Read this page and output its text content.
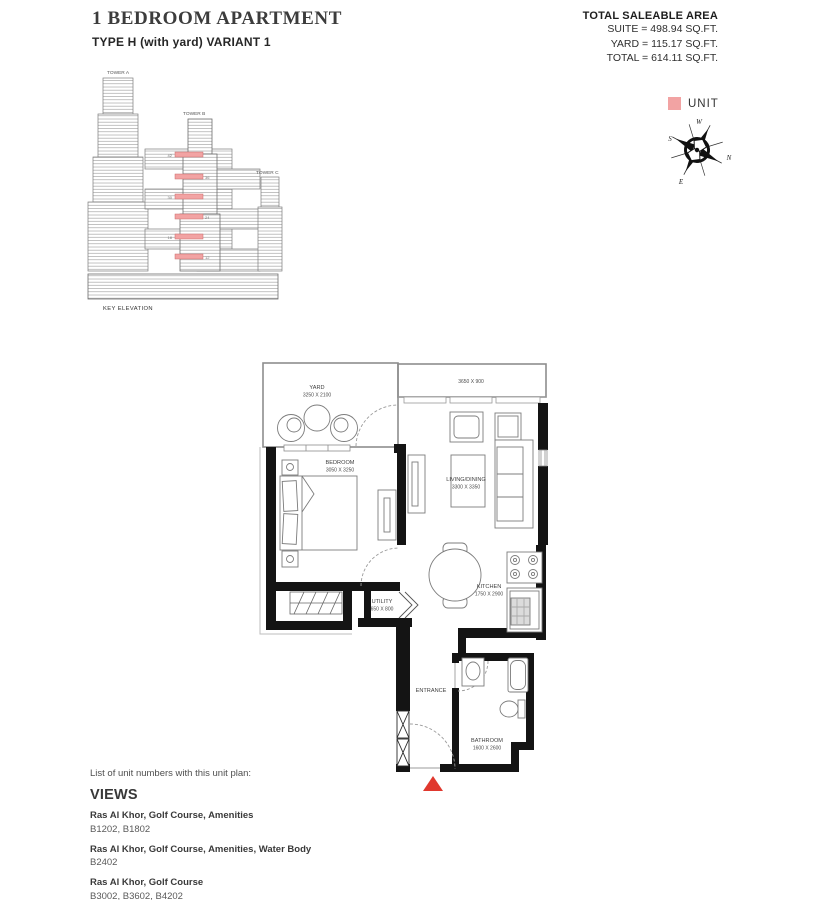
1 BEDROOM APARTMENT
TYPE H (with yard) VARIANT 1
TOTAL SALEABLE AREA
SUITE = 498.94 SQ.FT.
YARD = 115.17 SQ.FT.
TOTAL = 614.11 SQ.FT.
UNIT
W
S
N
E
42
36
30
24
18
12
TOWER A
TOWER B
TOWER C
KEY ELEVATION
YARD
3250 X 2100
3650 X 900
BEDROOM
3050 X 3250
LIVING/DINING
3300 X 3350
KITCHEN
1750 X 2900
UTILITY
650 X 800
BATHROOM
1600 X 2600
ENTRANCE
List of unit numbers with this unit plan:
VIEWS
Ras Al Khor, Golf Course, Amenities
B1202, B1802
Ras Al Khor, Golf Course, Amenities, Water Body
B2402
Ras Al Khor, Golf Course
B3002, B3602, B4202
